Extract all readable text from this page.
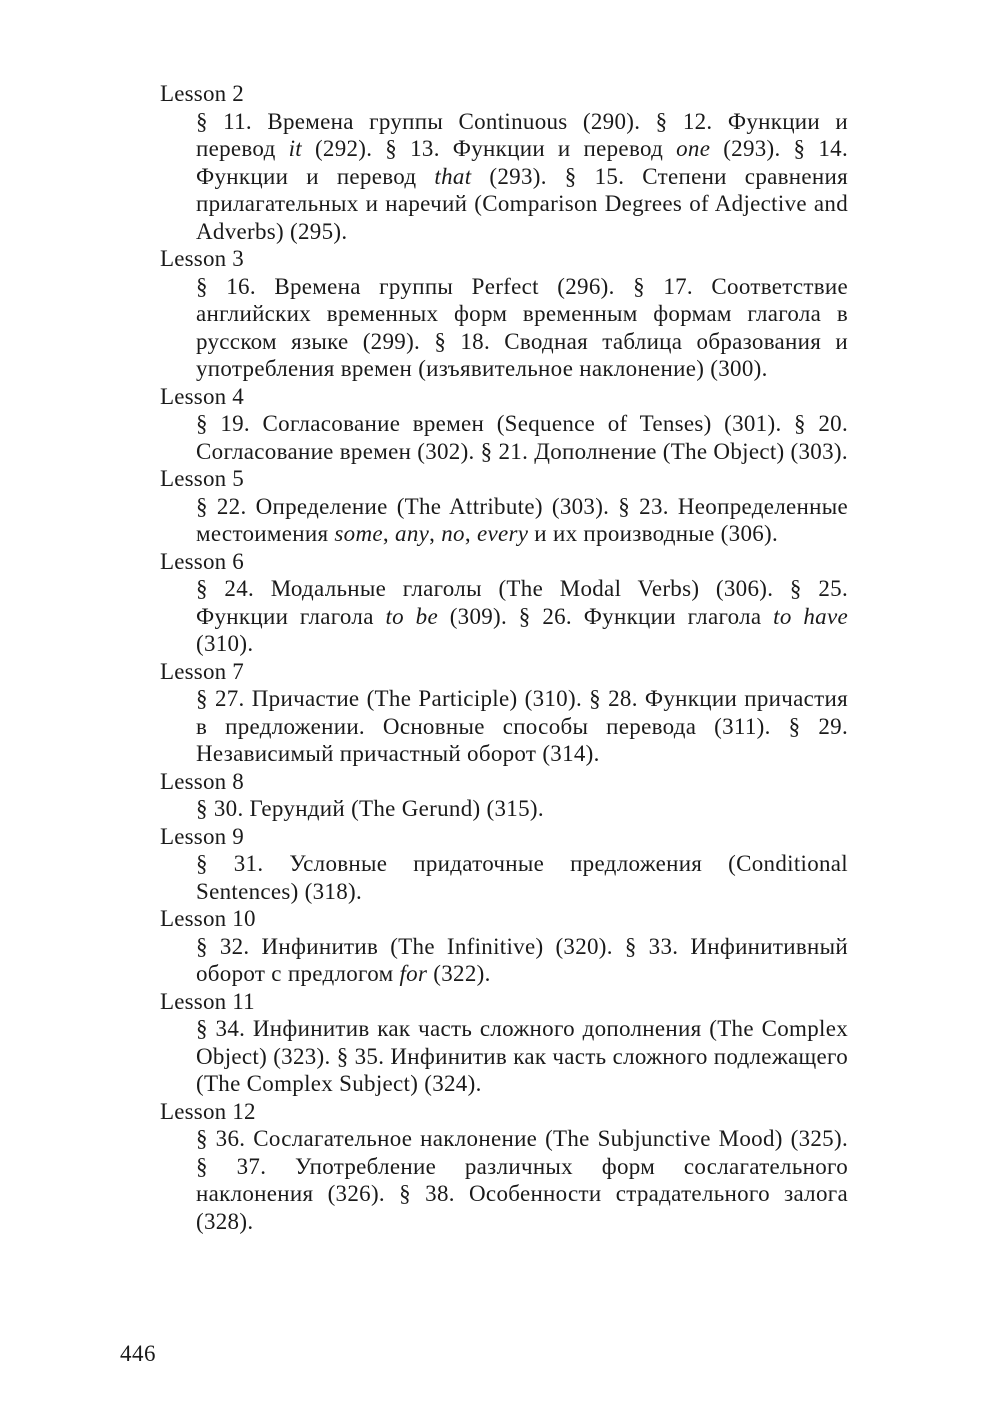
Lesson 2
§ 11. Времена группы Continuous (290). § 12. Функции и перевод it (292). § 13. Функции и перевод one (293). § 14. Функции и перевод that (293). § 15. Степени сравнения прилагательных и наречий (Comparison Degrees of Adjective and Adverbs) (295).
Lesson 3
§ 16. Времена группы Perfect (296). § 17. Соответствие английских временных форм временным формам глагола в русском языке (299). § 18. Сводная таблица образования и употребления времен (изъявительное наклонение) (300).
Lesson 4
§ 19. Согласование времен (Sequence of Tenses) (301). § 20. Согласование времен (302). § 21. Дополнение (The Object) (303).
Lesson 5
§ 22. Определение (The Attribute) (303). § 23. Неопределенные местоимения some, any, no, every и их производные (306).
Lesson 6
§ 24. Модальные глаголы (The Modal Verbs) (306). § 25. Функции глагола to be (309). § 26. Функции глагола to have (310).
Lesson 7
§ 27. Причастие (The Participle) (310). § 28. Функции причастия в предложении. Основные способы перевода (311). § 29. Независимый причастный оборот (314).
Lesson 8
§ 30. Герундий (The Gerund) (315).
Lesson 9
§ 31. Условные придаточные предложения (Conditional Sentences) (318).
Lesson 10
§ 32. Инфинитив (The Infinitive) (320). § 33. Инфинитивный оборот с предлогом for (322).
Lesson 11
§ 34. Инфинитив как часть сложного дополнения (The Complex Object) (323). § 35. Инфинитив как часть сложного подлежащего (The Complex Subject) (324).
Lesson 12
§ 36. Сослагательное наклонение (The Subjunctive Mood) (325). § 37. Употребление различных форм сослагательного наклонения (326). § 38. Особенности страдательного залога (328).
446
